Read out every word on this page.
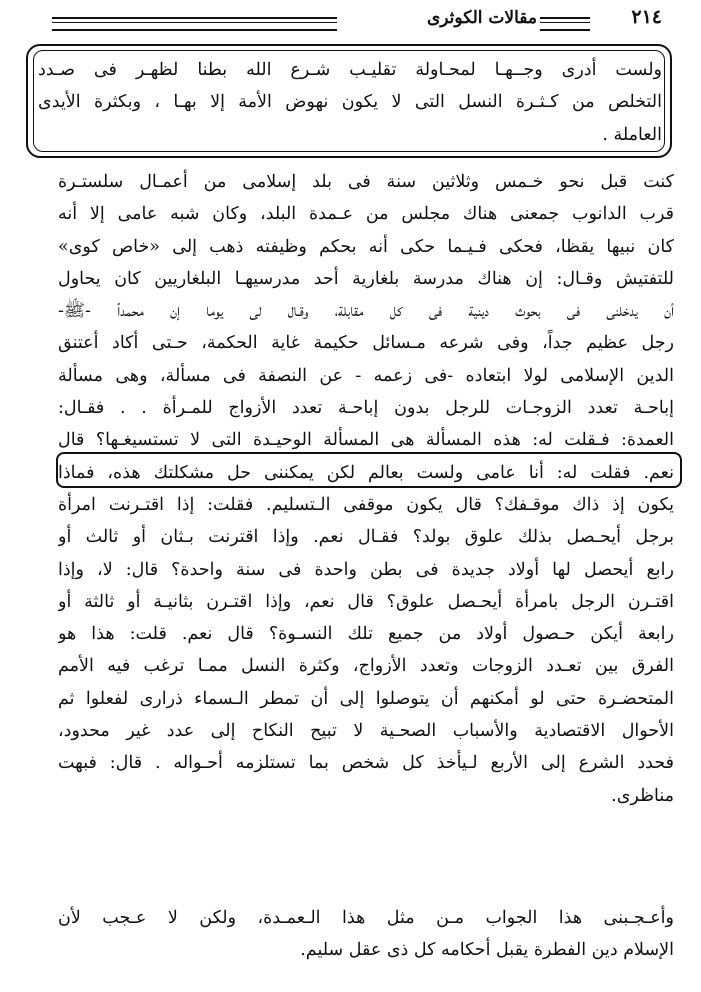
٢١٤
مقالات الكوثرى
ولست أدرى وجــهـا لمحـاولة تقليـب شـرع الله بطنا لظهـر فى صـدد
التخلص من كـثـرة النسل التى لا يكون نهوض الأمة إلا بهـا ، وبكثرة الأيدى
العاملة .
كنت قبل نحو خـمس وثلاثين سنة فى بلد إسلامى من أعمـال سلستـرة
قرب الدانوب جمعنى هناك مجلس من عـمدة البلد، وكان شبه عامى إلا أنه
كان نبيها يقظا، فحكى فـيـما حكى أنه بحكم وظيفته ذهب إلى «خاص كوى»
للتفتيش وقـال: إن هناك مدرسة بلغارية أحد مدرسيهـا البلغاريين كان يحاول
أن يدخلنى فى بحوث دينية فى كل مقابلة، وقـال لى يوما إن محمداً -ﷺ-
رجل عظيم جداً، وفى شرعه مـسائل حكيمة غاية الحكمة، حـتى أكاد أعتنق
الدين الإسلامى لولا ابتعاده -فى زعمه - عن النصفة فى مسألة، وهى مسألة
إباحـة تعدد الزوجـات للرجل بدون إباحـة تعدد الأزواج للمـرأة . . فقـال:
العمدة: فـقلت له: هذه المسألة هى المسألة الوحيـدة التى لا تستسيغـها؟ قال
نعم. فقلت له: أنا عامى ولست بعالم لكن يمكننى حل مشكلتك هذه، فماذا
يكون إذ ذاك موقـفك؟ قال يكون موقفى الـتسليم. فقلت: إذا اقتـرنت امرأة
برجل أيحـصل بذلك علوق بولد؟ فقـال نعم. وإذا اقترنت بـثان أو ثالث أو
رابع أيحصل لها أولاد جديدة فى بطن واحدة فى سنة واحدة؟ قال: لا، وإذا
اقتـرن الرجل بامرأة أيحـصل علوق؟ قال نعم، وإذا اقتـرن بثانيـة أو ثالثة أو
رابعة أيكن حـصول أولاد من جميع تلك النسـوة؟ قال نعم. قلت: هذا هو
الفرق بين تعـدد الزوجات وتعدد الأزواج، وكثرة النسل ممـا ترغب فيه الأمم
المتحضـرة حتى لو أمكنهم أن يتوصلوا إلى أن تمطر الـسماء ذرارى لفعلوا ثم
الأحوال الاقتصادية والأسباب الصحـية لا تبيح النكاح إلى عدد غير محدود،
فحدد الشرع إلى الأربع لـيأخذ كل شخص بما تستلزمه أحـواله . قال: فبهت
مناظرى.
وأعـجـبنى هذا الجواب مـن مثل هذا الـعمـدة، ولكن لا عـجب لأن
الإسلام دين الفطرة يقبل أحكامه كل ذى عقل سليم.
